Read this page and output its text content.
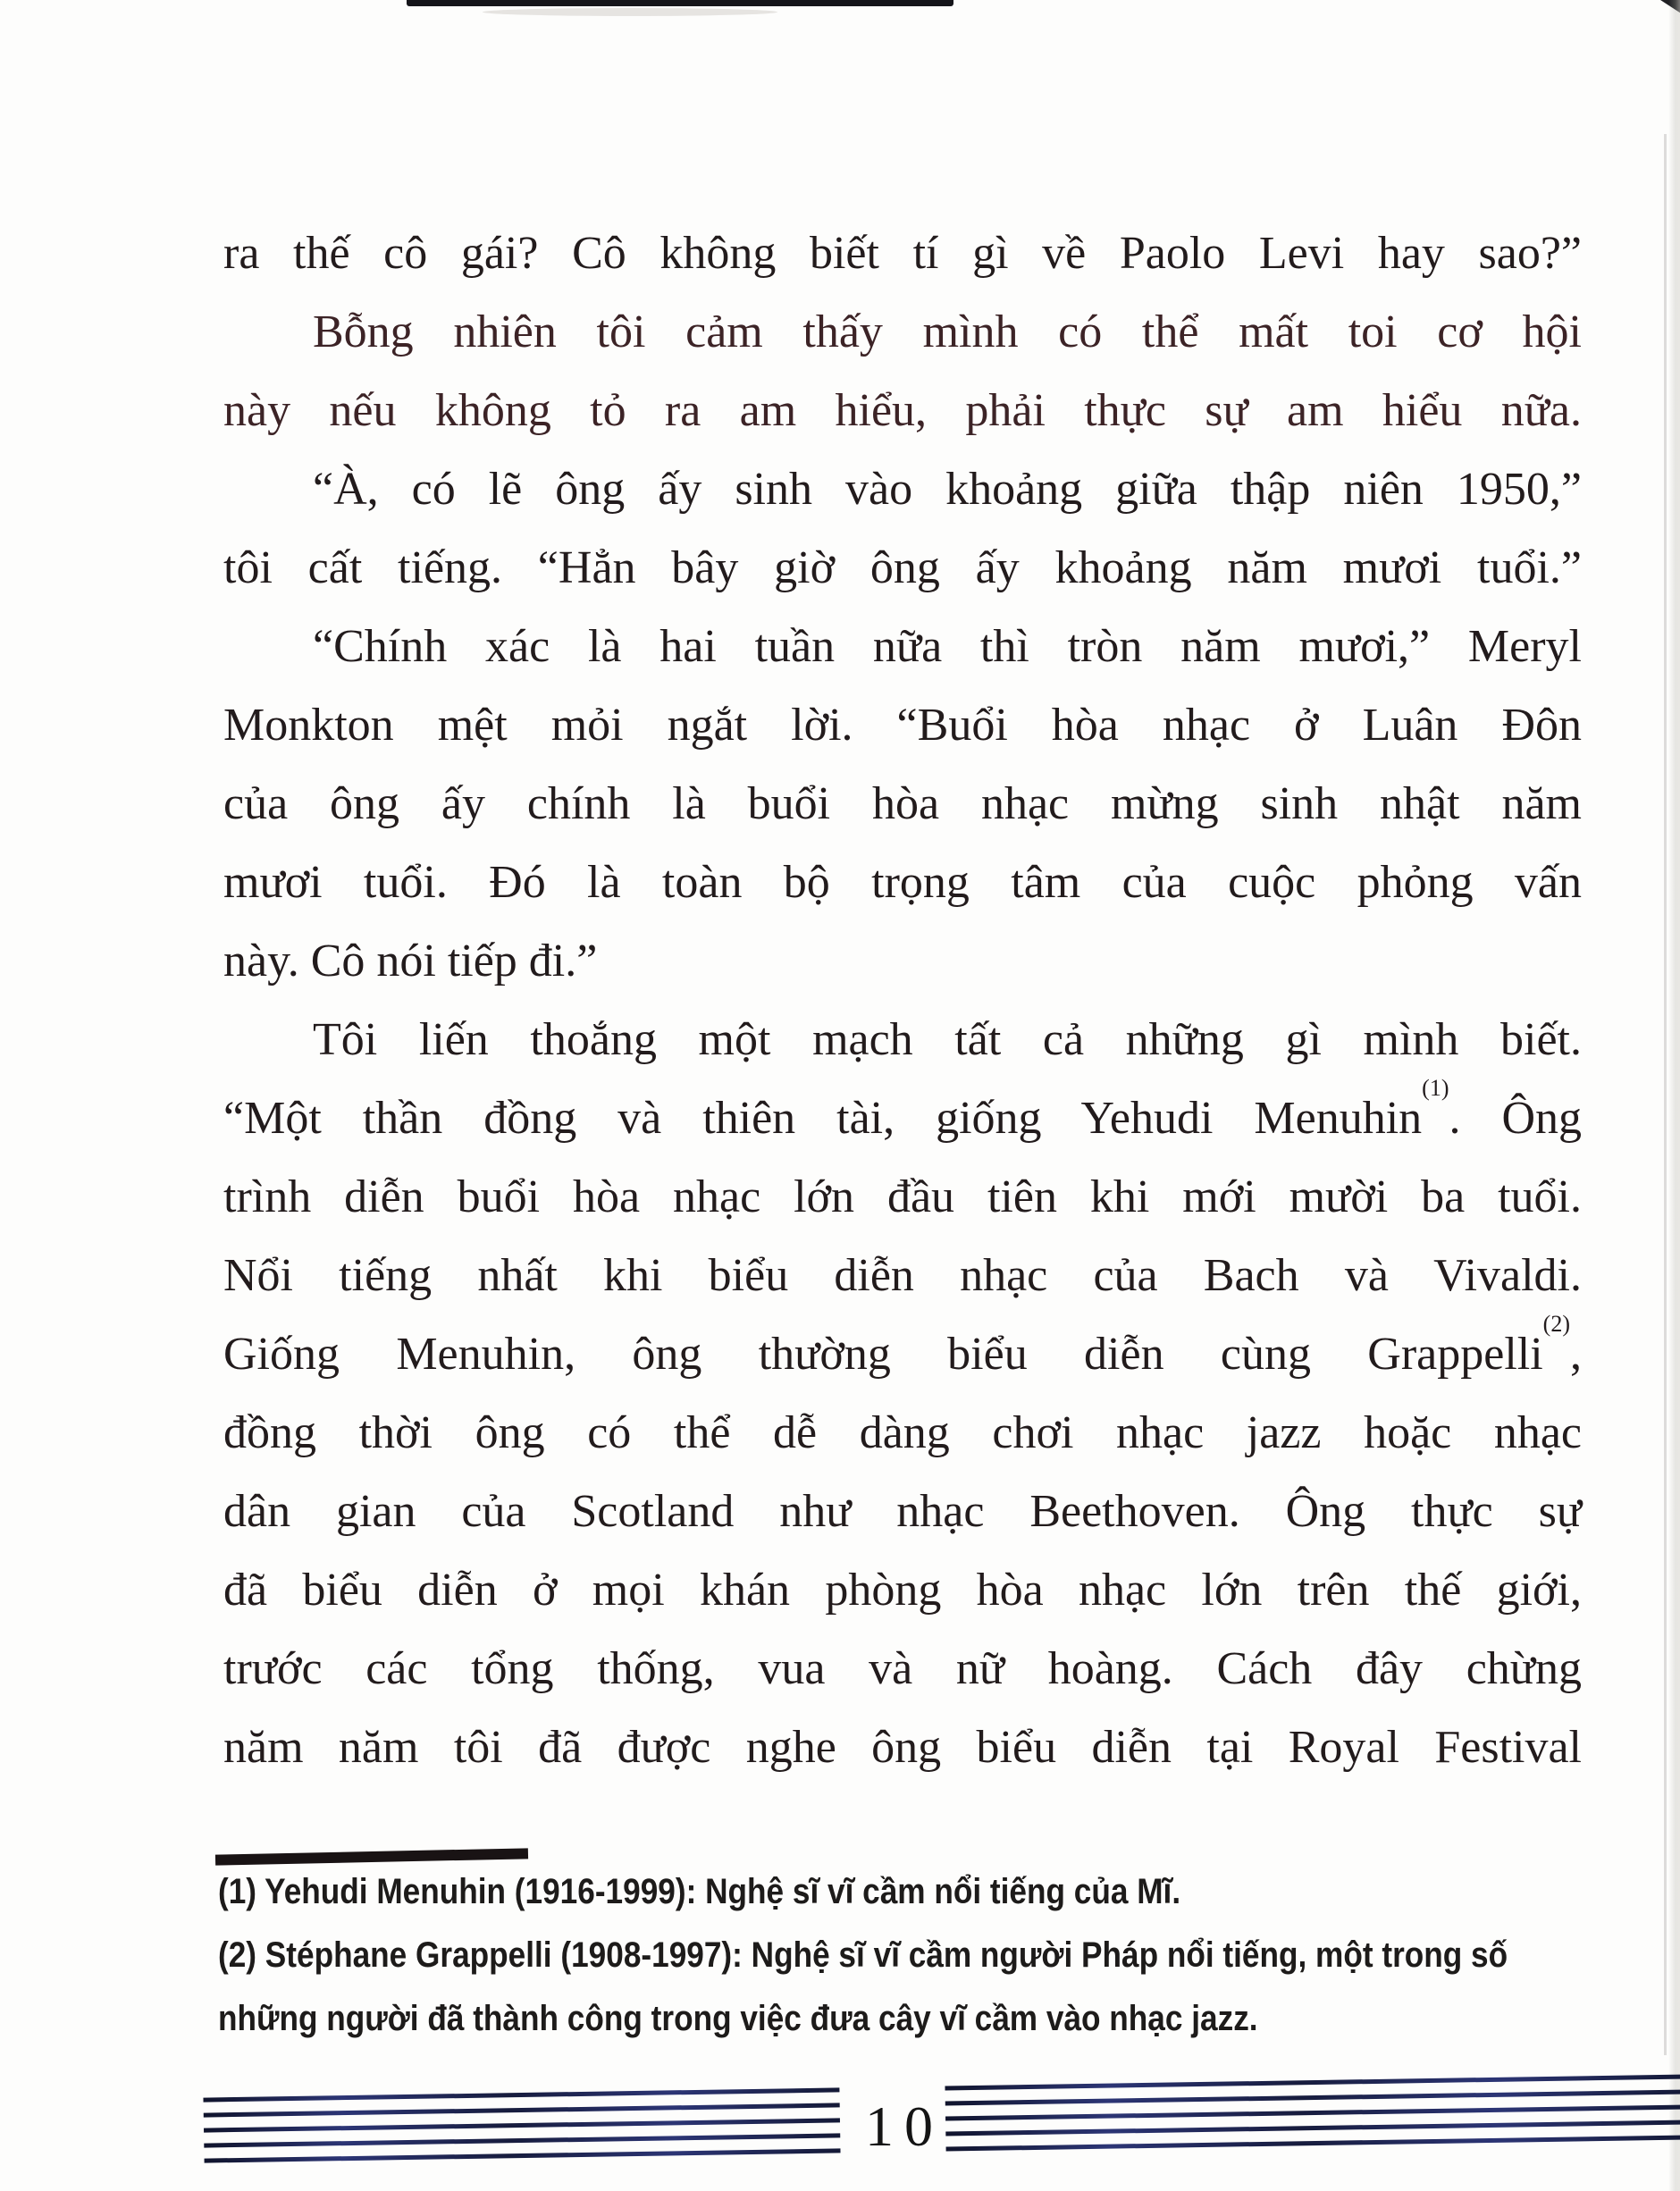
ra thế cô gái? Cô không biết tí gì về Paolo Levi hay sao?”
Bỗng nhiên tôi cảm thấy mình có thể mất toi cơ hội
này nếu không tỏ ra am hiểu, phải thực sự am hiểu nữa.
“À, có lẽ ông ấy sinh vào khoảng giữa thập niên 1950,”
tôi cất tiếng. “Hẳn bây giờ ông ấy khoảng năm mươi tuổi.”
“Chính xác là hai tuần nữa thì tròn năm mươi,” Meryl
Monkton mệt mỏi ngắt lời. “Buổi hòa nhạc ở Luân Đôn
của ông ấy chính là buổi hòa nhạc mừng sinh nhật năm
mươi tuổi. Đó là toàn bộ trọng tâm của cuộc phỏng vấn
này. Cô nói tiếp đi.”
Tôi liến thoắng một mạch tất cả những gì mình biết.
“Một thần đồng và thiên tài, giống Yehudi Menuhin$^{(1)}$. Ông
trình diễn buổi hòa nhạc lớn đầu tiên khi mới mười ba tuổi.
Nổi tiếng nhất khi biểu diễn nhạc của Bach và Vivaldi.
Giống Menuhin, ông thường biểu diễn cùng Grappelli$^{(2)}$,
đồng thời ông có thể dễ dàng chơi nhạc jazz hoặc nhạc
dân gian của Scotland như nhạc Beethoven. Ông thực sự
đã biểu diễn ở mọi khán phòng hòa nhạc lớn trên thế giới,
trước các tổng thống, vua và nữ hoàng. Cách đây chừng
năm năm tôi đã được nghe ông biểu diễn tại Royal Festival
(1) Yehudi Menuhin (1916-1999): Nghệ sĩ vĩ cầm nổi tiếng của Mĩ.
(2) Stéphane Grappelli (1908-1997): Nghệ sĩ vĩ cầm người Pháp nổi tiếng, một trong số
những người đã thành công trong việc đưa cây vĩ cầm vào nhạc jazz.
10
